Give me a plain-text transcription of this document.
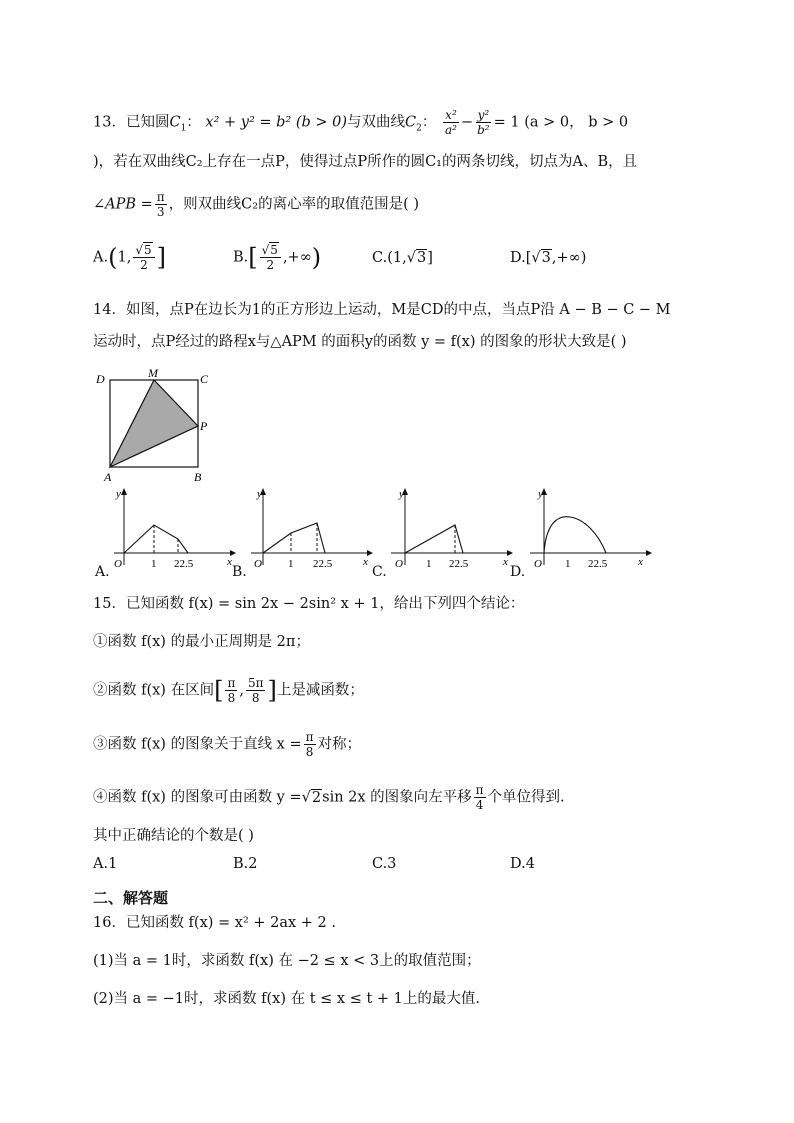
13．已知圆$C_1$： x² + y² = b² (b > 0)与双曲线$C_2$： $\frac{\text{x²}}{\text{a²}} - \frac{\text{y²}}{\text{b²}} = 1$ (a > 0， b > 0
)，若在双曲线C₂上存在一点P，使得过点P所作的圆C₁的两条切线，切点为A、B，且
∠APB = $\frac{\pi}{3}$ ，则双曲线C₂的离心率的取值范围是( )
A.(1, $\frac{√5}{2}$ ]	$B.[ \frac{√5}{2}$ ,+∞)	C.(1,√3]	D.[√3,+∞)
14．如图，点P在边长为1的正方形边上运动，M是CD的中点，当点P沿 A − B − C − M
运动时，点P经过的路程x与△APM 的面积y的函数 y = f(x) 的图象的形状大致是( )
D	M	C
P
A	B
y
x
O	1 22.5
A.
y
x
O 1 22.5
B.
y
x
O 1 22.5
C.
y
x
O 1 22.5
D.
15．已知函数 f(x) = sin 2x − 2sin² x + 1，给出下列四个结论：
①函数 f(x) 的最小正周期是 2π；
②函数 f(x) 在区间[ $\frac{\pi}{8}$ , $\frac{5\pi}{8}$ ]上是减函数；
③函数 f(x) 的图象关于直线 $x = \frac{\pi}{8}$ 对称；
④函数 f(x) 的图象可由函数 y =√2sin 2x 的图象向左平移 $\frac{\pi}{4}$ 个单位得到.
其中正确结论的个数是( )
A.1	B.2	C.3	D.4
二、解答题
16．已知函数 f(x) = x² + 2ax + 2 .
(1)当 a = 1时，求函数 f(x) 在 −2 ≤ x < 3上的取值范围；
(2)当 a = −1时，求函数 f(x) 在 t ≤ x ≤ t + 1上的最大值.
